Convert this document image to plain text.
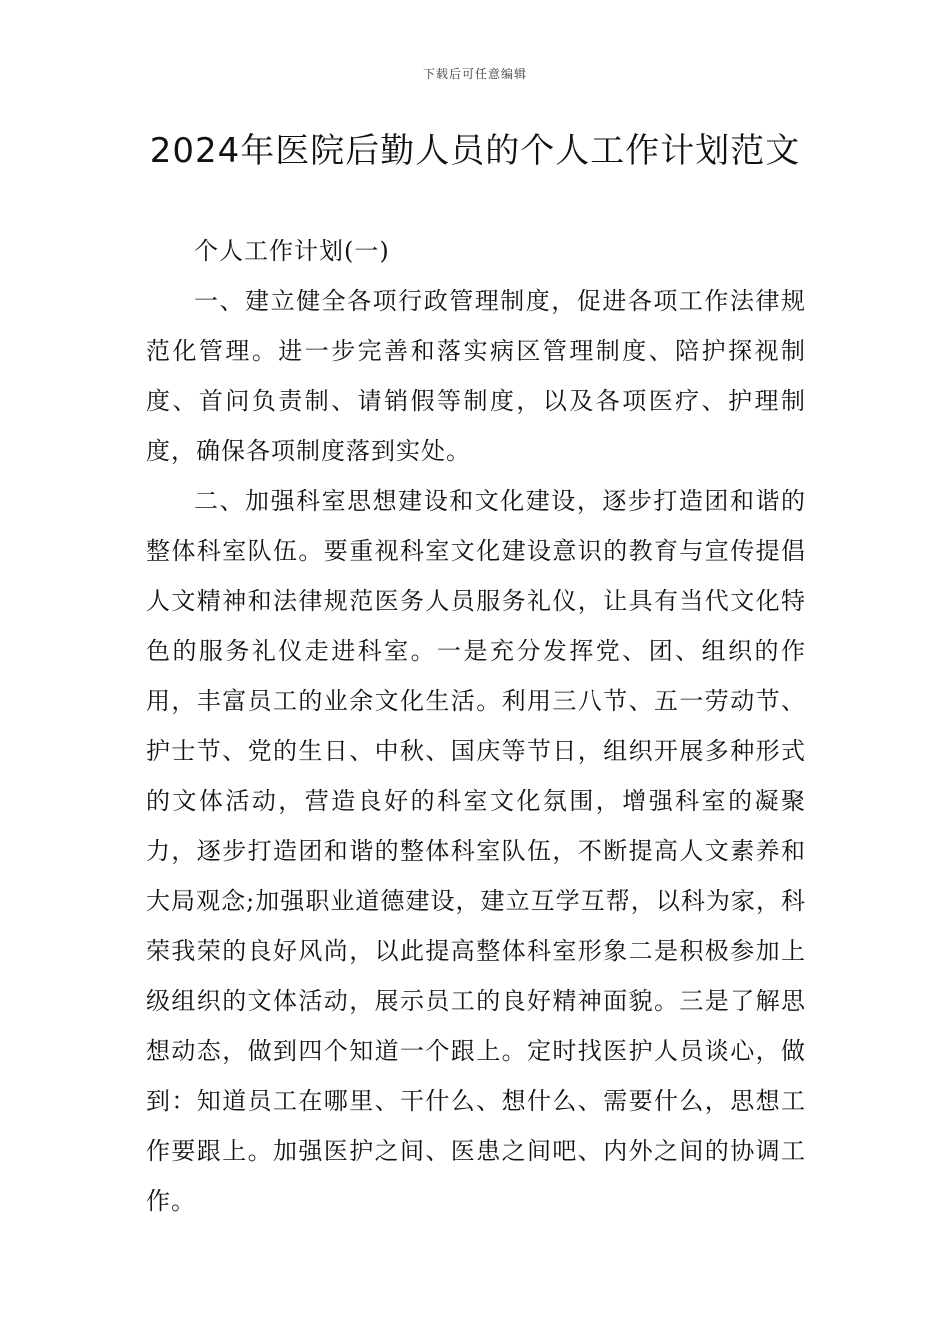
下载后可任意编辑
2024年医院后勤人员的个人工作计划范文

个人工作计划(一)

一、建立健全各项行政管理制度，促进各项工作法律规范化管理。进一步完善和落实病区管理制度、陪护探视制度、首问负责制、请销假等制度，以及各项医疗、护理制度，确保各项制度落到实处。

二、加强科室思想建设和文化建设，逐步打造团和谐的整体科室队伍。要重视科室文化建设意识的教育与宣传提倡人文精神和法律规范医务人员服务礼仪，让具有当代文化特色的服务礼仪走进科室。一是充分发挥党、团、组织的作用，丰富员工的业余文化生活。利用三八节、五一劳动节、护士节、党的生日、中秋、国庆等节日，组织开展多种形式的文体活动，营造良好的科室文化氛围，增强科室的凝聚力，逐步打造团和谐的整体科室队伍，不断提高人文素养和大局观念;加强职业道德建设，建立互学互帮，以科为家，科荣我荣的良好风尚，以此提高整体科室形象二是积极参加上级组织的文体活动，展示员工的良好精神面貌。三是了解思想动态，做到四个知道一个跟上。定时找医护人员谈心，做到：知道员工在哪里、干什么、想什么、需要什么，思想工作要跟上。加强医护之间、医患之间吧、内外之间的协调工作。
